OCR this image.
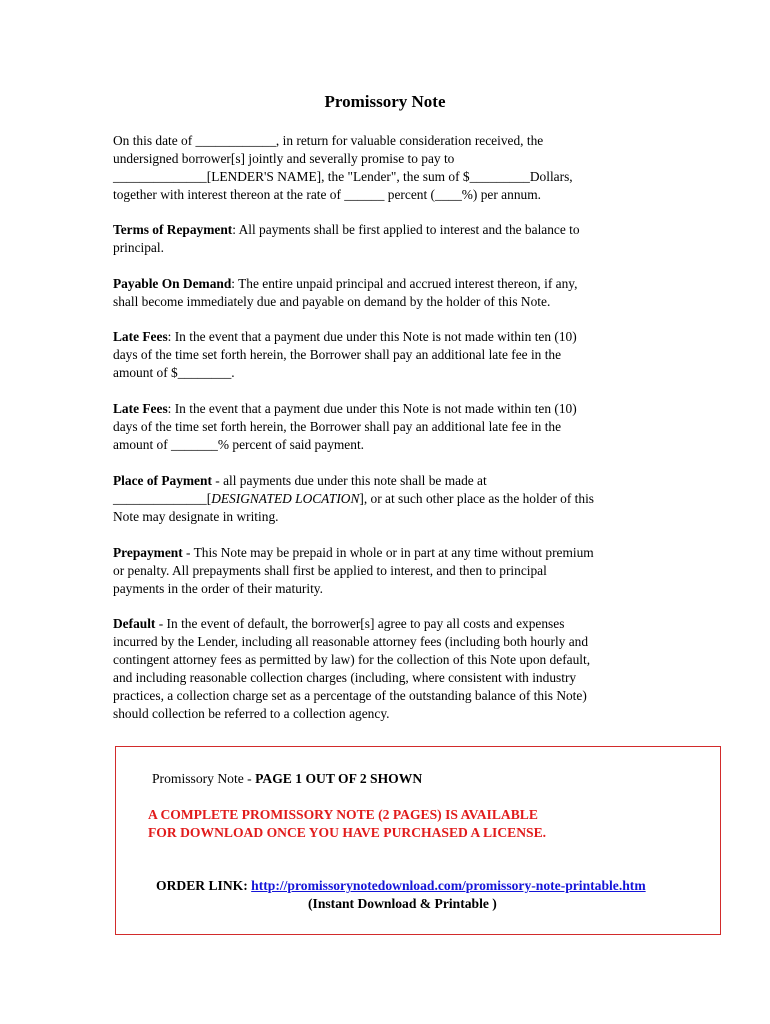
Promissory Note
On this date of ____________, in return for valuable consideration received, the
undersigned borrower[s] jointly and severally promise to pay to
______________[LENDER'S NAME], the "Lender", the sum of $_________Dollars,
together with interest thereon at the rate of ______ percent (____%) per annum.
Terms of Repayment: All payments shall be first applied to interest and the balance to
principal.
Payable On Demand: The entire unpaid principal and accrued interest thereon, if any,
shall become immediately due and payable on demand by the holder of this Note.
Late Fees: In the event that a payment due under this Note is not made within ten (10)
days of the time set forth herein, the Borrower shall pay an additional late fee in the
amount of $________.
Late Fees: In the event that a payment due under this Note is not made within ten (10)
days of the time set forth herein, the Borrower shall pay an additional late fee in the
amount of _______% percent of said payment.
Place of Payment - all payments due under this note shall be made at
______________[DESIGNATED LOCATION], or at such other place as the holder of this
Note may designate in writing.
Prepayment - This Note may be prepaid in whole or in part at any time without premium
or penalty. All prepayments shall first be applied to interest, and then to principal
payments in the order of their maturity.
Default - In the event of default, the borrower[s] agree to pay all costs and expenses
incurred by the Lender, including all reasonable attorney fees (including both hourly and
contingent attorney fees as permitted by law) for the collection of this Note upon default,
and including reasonable collection charges (including, where consistent with industry
practices, a collection charge set as a percentage of the outstanding balance of this Note)
should collection be referred to a collection agency.
Promissory Note - PAGE 1 OUT OF 2 SHOWN
A COMPLETE PROMISSORY NOTE (2 PAGES) IS AVAILABLE
FOR DOWNLOAD ONCE YOU HAVE PURCHASED A LICENSE.
ORDER LINK: http://promissorynotedownload.com/promissory-note-printable.htm
(Instant Download & Printable )
